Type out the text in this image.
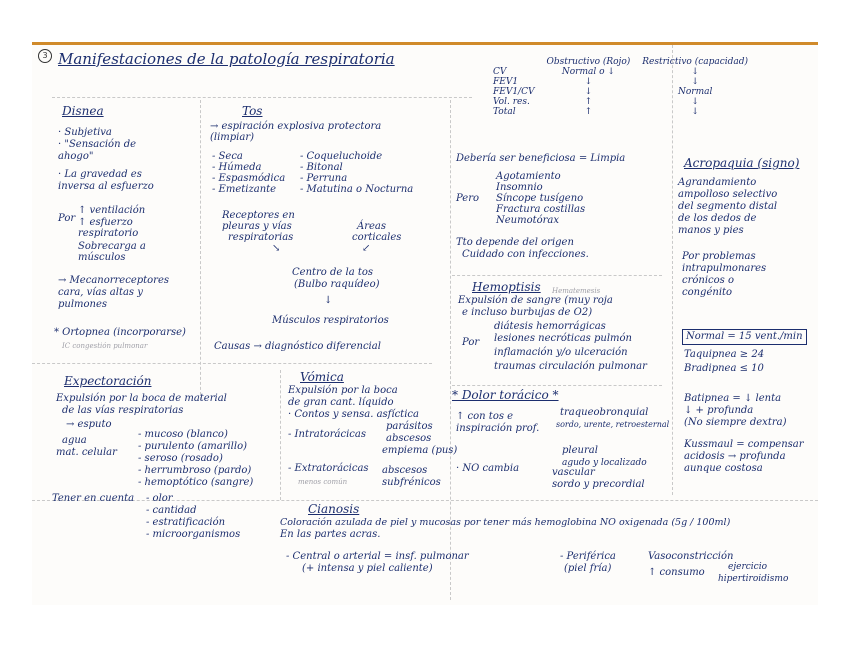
3 Manifestaciones de la patología respiratoria
		Obstructivo (Rojo)	Restrictivo (capacidad)
CV	Normal o ↓	↓
FEV1	↓	↓
FEV1/CV	↓	Normal
Vol. res.	↑	↓
Total	↑	↓
Disnea
· Subjetiva
· "Sensación de
ahogo"
· La gravedad es
inversa al esfuerzo
Por
↑ ventilación
↑ esfuerzo
respiratorio
Sobrecarga a
músculos
→ Mecanorreceptores
cara, vías altas y
pulmones
* Ortopnea (incorporarse)
IC congestión pulmonar
Tos
→ espiración explosiva protectora
(limpiar)
- Seca
- Húmeda
- Espasmódica
- Emetizante
- Coqueluchoide
- Bitonal
- Perruna
- Matutina o Nocturna
Receptores en
pleuras y vías
respiratorias
Áreas
corticales
↘	↙
Centro de la tos
(Bulbo raquídeo)
↓
Músculos respiratorios
Causas → diagnóstico diferencial
Debería ser beneficiosa = Limpia
Pero
Agotamiento
Insomnio
Síncope tusígeno
Fractura costillas
Neumotórax
Tto depende del origen
Cuidado con infecciones.
Acropaquia (signo)
Agrandamiento
ampolloso selectivo
del segmento distal
de los dedos de
manos y pies
Por problemas
intrapulmonares
crónicos o
congénito
Normal = 15 vent./min
Taquipnea ≥ 24
Bradipnea ≤ 10
Hemoptisis Hematemesis
Expulsión de sangre (muy roja
e incluso burbujas de O2)
Por
diátesis hemorrágicas
lesiones necróticas pulmón
inflamación y/o ulceración
traumas circulación pulmonar
Expectoración
Expulsión por la boca de material
de las vías respiratorias
→ esputo
agua
mat. celular
- mucoso (blanco)
- purulento (amarillo)
- seroso (rosado)
- herrumbroso (pardo)
- hemoptótico (sangre)
Tener en cuenta - olor
- cantidad
- estratificación
- microorganismos
Vómica
Expulsión por la boca
de gran cant. líquido
· Contos y sensa. asfíctica
- Intratorácicas
parásitos
abscesos
empiema (pus)
- Extratorácicas
menos común
abscesos
subfrénicos
* Dolor torácico *
↑ con tos e
inspiración prof.
traqueobronquial
sordo, urente, retroesternal
pleural
agudo y localizado
· NO cambia	vascular
sordo y precordial
Batipnea = ↓ lenta
↓ + profunda
(No siempre dextra)
Kussmaul = compensar
acidosis → profunda
aunque costosa
Cianosis
Coloración azulada de piel y mucosas por tener más hemoglobina NO oxigenada (5g / 100ml)
En las partes acras.
- Central o arterial = insf. pulmonar
(+ intensa y piel caliente)
- Periférica
(piel fría)
Vasoconstricción
↑ consumo	ejercicio
hipertiroidismo
